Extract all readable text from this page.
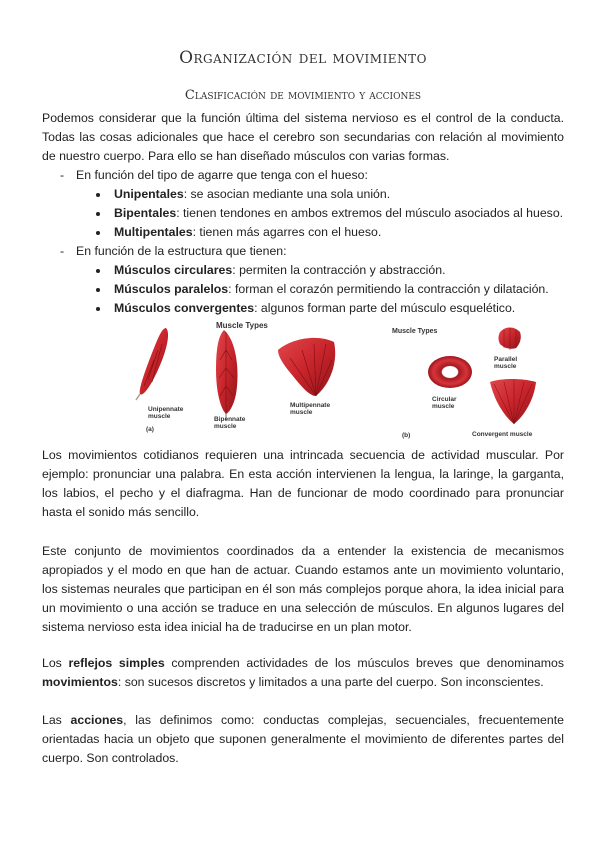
Organización del movimiento
Clasificación de movimiento y acciones

Podemos considerar que la función última del sistema nervioso es el control de la conducta. Todas las cosas adicionales que hace el cerebro son secundarias con relación al movimiento de nuestro cuerpo. Para ello se han diseñado músculos con varias formas.

- En función del tipo de agarre que tenga con el hueso:
Unipentales: se asocian mediante una sola unión.
Bipentales: tienen tendones en ambos extremos del músculo asociados al hueso.
Multipentales: tienen más agarres con el hueso.
- En función de la estructura que tienen:
Músculos circulares: permiten la contracción y abstracción.
Músculos paralelos: forman el corazón permitiendo la contracción y dilatación.
Músculos convergentes: algunos forman parte del músculo esquelético.
Muscle Types
Muscle Types
Unipennate
muscle	Bipennate
muscle
Multipennate
muscle
Circular
muscle
Parallel
muscle
Convergent muscle
(a)
(b)

Los movimientos cotidianos requieren una intrincada secuencia de actividad muscular. Por ejemplo: pronunciar una palabra. En esta acción intervienen la lengua, la laringe, la garganta, los labios, el pecho y el diafragma. Han de funcionar de modo coordinado para pronunciar hasta el sonido más sencillo.

Este conjunto de movimientos coordinados da a entender la existencia de mecanismos apropiados y el modo en que han de actuar. Cuando estamos ante un movimiento voluntario, los sistemas neurales que participan en él son más complejos porque ahora, la idea inicial para un movimiento o una acción se traduce en una selección de músculos. En algunos lugares del sistema nervioso esta idea inicial ha de traducirse en un plan motor.

Los reflejos simples comprenden actividades de los músculos breves que denominamos movimientos: son sucesos discretos y limitados a una parte del cuerpo. Son inconscientes.

Las acciones, las definimos como: conductas complejas, secuenciales, frecuentemente orientadas hacia un objeto que suponen generalmente el movimiento de diferentes partes del cuerpo. Son controlados.
